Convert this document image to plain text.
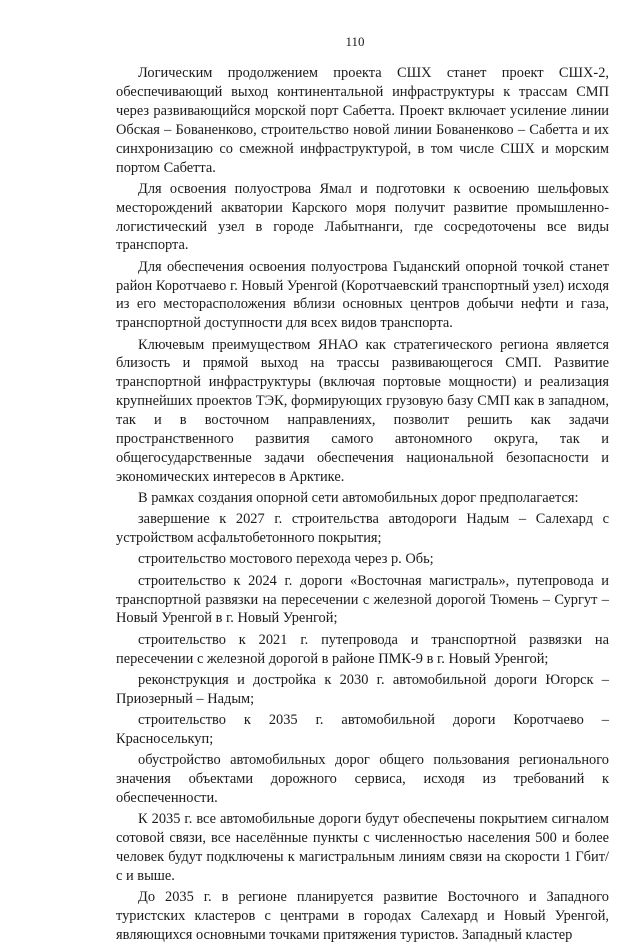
110

Логическим продолжением проекта СШХ станет проект СШХ-2, обеспечивающий выход континентальной инфраструктуры к трассам СМП через развивающийся морской порт Сабетта. Проект включает усиление линии Обская – Бованенково, строительство новой линии Бованенково – Сабетта и их синхронизацию со смежной инфраструктурой, в том числе СШХ и морским портом Сабетта.

Для освоения полуострова Ямал и подготовки к освоению шельфовых месторождений акватории Карского моря получит развитие промышленно-логистический узел в городе Лабытнанги, где сосредоточены все виды транспорта.

Для обеспечения освоения полуострова Гыданский опорной точкой станет район Коротчаево г. Новый Уренгой (Коротчаевский транспортный узел) исходя из его месторасположения вблизи основных центров добычи нефти и газа, транспортной доступности для всех видов транспорта.

Ключевым преимуществом ЯНАО как стратегического региона является близость и прямой выход на трассы развивающегося СМП. Развитие транспортной инфраструктуры (включая портовые мощности) и реализация крупнейших проектов ТЭК, формирующих грузовую базу СМП как в западном, так и в восточном направлениях, позволит решить как задачи пространственного развития самого автономного округа, так и общегосударственные задачи обеспечения национальной безопасности и экономических интересов в Арктике.

В рамках создания опорной сети автомобильных дорог предполагается:

завершение к 2027 г. строительства автодороги Надым – Салехард с устройством асфальтобетонного покрытия;

строительство мостового перехода через р. Обь;

строительство к 2024 г. дороги «Восточная магистраль», путепровода и транспортной развязки на пересечении с железной дорогой Тюмень – Сургут – Новый Уренгой в г. Новый Уренгой;

строительство к 2021 г. путепровода и транспортной развязки на пересечении с железной дорогой в районе ПМК-9 в г. Новый Уренгой;

реконструкция и достройка к 2030 г. автомобильной дороги Югорск – Приозерный – Надым;

строительство к 2035 г. автомобильной дороги Коротчаево – Красноселькуп;

обустройство автомобильных дорог общего пользования регионального значения объектами дорожного сервиса, исходя из требований к обеспеченности.

К 2035 г. все автомобильные дороги будут обеспечены покрытием сигналом сотовой связи, все населённые пункты с численностью населения 500 и более человек будут подключены к магистральным линиям связи на скорости 1 Гбит/с и выше.

До 2035 г. в регионе планируется развитие Восточного и Западного туристских кластеров с центрами в городах Салехард и Новый Уренгой, являющихся основными точками притяжения туристов. Западный кластер
